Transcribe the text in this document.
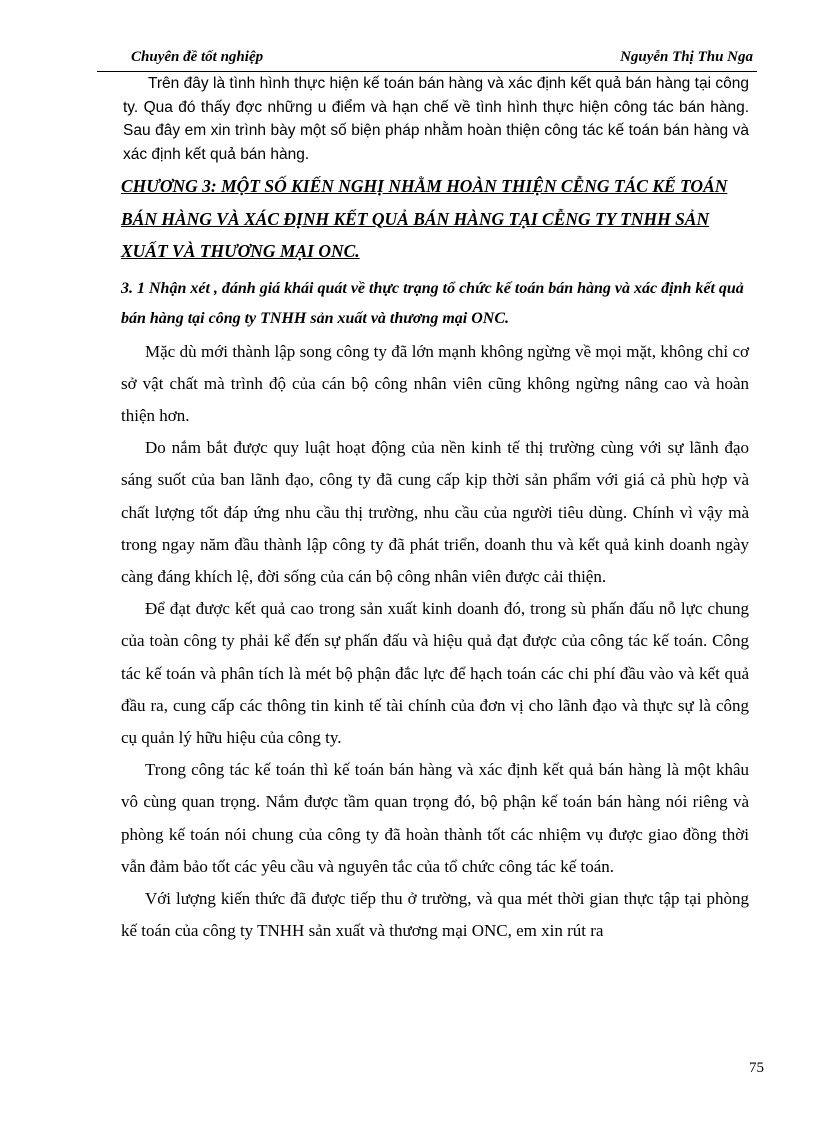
Chuyên đề tốt nghiệp	Nguyễn Thị Thu Nga

Trên đây là tình hình thực hiện kế toán bán hàng và xác định kết quả bán hàng tại công ty. Qua đó thấy đợc những u điểm và hạn chế về tình hình thực hiện công tác bán hàng. Sau đây em xin trình bày một số biện pháp nhằm hoàn thiện công tác kế toán bán hàng và xác định kết quả bán hàng.

CHƯƠNG 3: MỘT SỐ KIẾN NGHỊ NHẰM HOÀN THIỆN CỄNG TÁC KẾ TOÁN BÁN HÀNG VÀ XÁC ĐỊNH KẾT QUẢ BÁN HÀNG TẠI CỄNG TY TNHH SẢN XUẤT VÀ THƯƠNG MẠI ONC.

3. 1 Nhận xét , đánh giá khái quát về thực trạng tổ chức kế toán bán hàng và xác định kết quả bán hàng tại công ty TNHH sản xuất và thương mại ONC.

Mặc dù mới thành lập song công ty đã lớn mạnh không ngừng về mọi mặt, không chỉ cơ sở vật chất mà trình độ của cán bộ công nhân viên cũng không ngừng nâng cao và hoàn thiện hơn.

Do nắm bắt được quy luật hoạt động của nền kinh tế thị trường cùng với sự lãnh đạo sáng suốt của ban lãnh đạo, công ty đã cung cấp kịp thời sản phẩm với giá cả phù hợp và chất lượng tốt đáp ứng nhu cầu thị trường, nhu cầu của người tiêu dùng. Chính vì vậy mà trong ngay năm đầu thành lập công ty đã phát triển, doanh thu và kết quả kinh doanh ngày càng đáng khích lệ, đời sống của cán bộ công nhân viên được cải thiện.

Để đạt được kết quả cao trong sản xuất kinh doanh đó, trong sù phấn đấu nỗ lực chung của toàn công ty phải kể đến sự phấn đấu và hiệu quả đạt được của công tác kế toán. Công tác kế toán và phân tích là mét bộ phận đắc lực để hạch toán các chi phí đầu vào và kết quả đầu ra, cung cấp các thông tin kinh tế tài chính của đơn vị cho lãnh đạo và thực sự là công cụ quản lý hữu hiệu của công ty.

Trong công tác kế toán thì kế toán bán hàng và xác định kết quả bán hàng là một khâu vô cùng quan trọng. Nắm được tầm quan trọng đó, bộ phận kế toán bán hàng nói riêng và phòng kế toán nói chung của công ty đã hoàn thành tốt các nhiệm vụ được giao đồng thời vẫn đảm bảo tốt các yêu cầu và nguyên tắc của tổ chức công tác kế toán.

Với lượng kiến thức đã được tiếp thu ở trường, và qua mét thời gian thực tập tại phòng kế toán của công ty TNHH sản xuất và thương mại ONC, em xin rút ra

75
